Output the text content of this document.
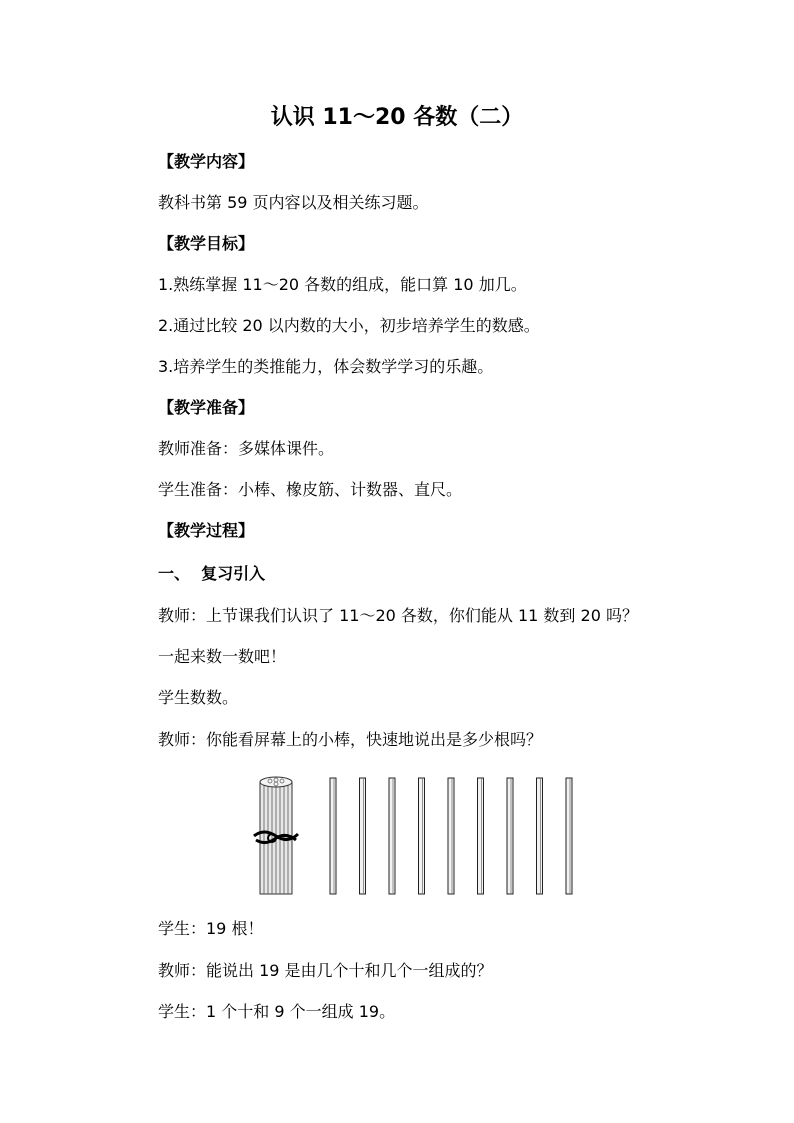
认识 11～20 各数（二）
【教学内容】
教科书第 59 页内容以及相关练习题。
【教学目标】
1.熟练掌握 11～20 各数的组成，能口算 10 加几。
2.通过比较 20 以内数的大小，初步培养学生的数感。
3.培养学生的类推能力，体会数学学习的乐趣。
【教学准备】
教师准备：多媒体课件。
学生准备：小棒、橡皮筋、计数器、直尺。
【教学过程】
一、  复习引入
教师：上节课我们认识了 11～20 各数，你们能从 11 数到 20 吗？
一起来数一数吧！
学生数数。
教师：你能看屏幕上的小棒，快速地说出是多少根吗？
学生：19 根！
教师：能说出 19 是由几个十和几个一组成的？
学生：1 个十和 9 个一组成 19。
